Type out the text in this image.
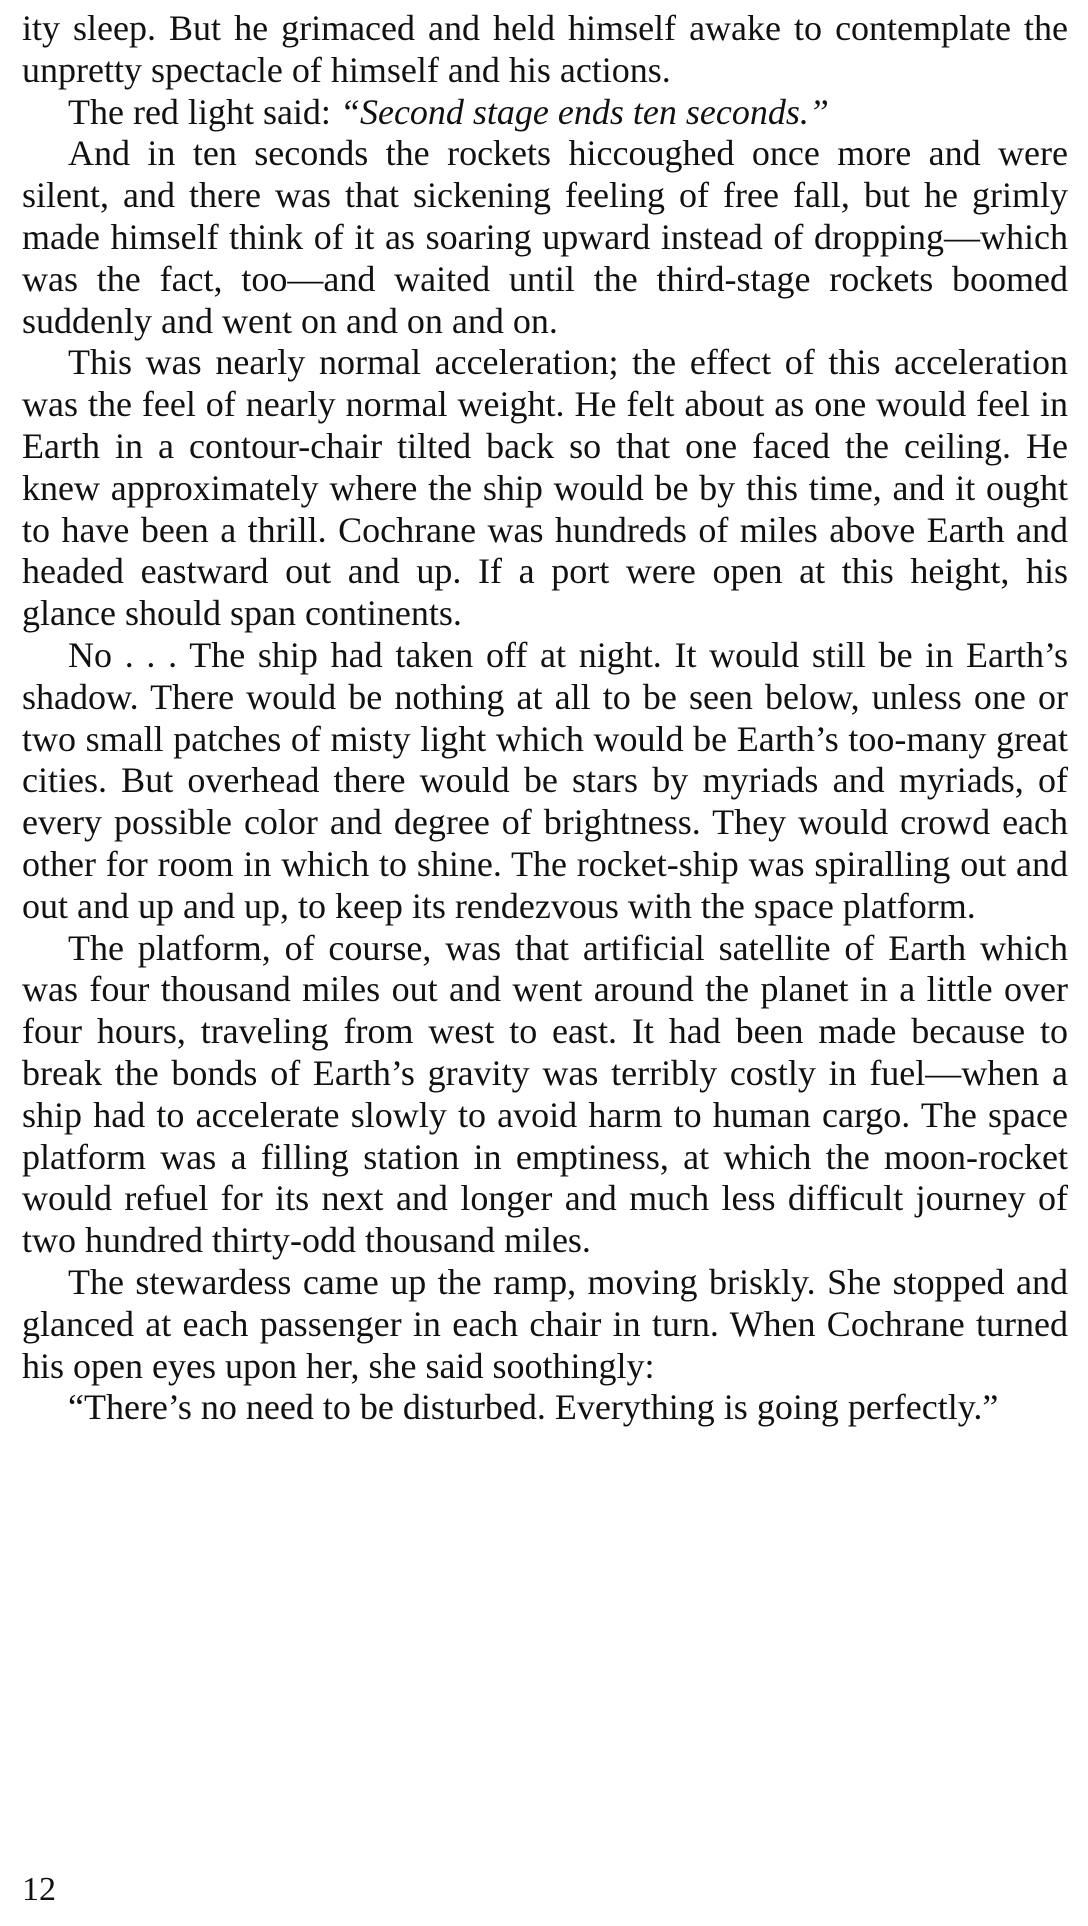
ity sleep. But he grimaced and held himself awake to contemplate the unpretty spectacle of himself and his actions.

The red light said: “Second stage ends ten seconds.”

And in ten seconds the rockets hiccoughed once more and were silent, and there was that sickening feeling of free fall, but he grimly made himself think of it as soaring upward instead of dropping—which was the fact, too—and waited until the third-stage rockets boomed suddenly and went on and on and on.

This was nearly normal acceleration; the effect of this acceleration was the feel of nearly normal weight. He felt about as one would feel in Earth in a contour-chair tilted back so that one faced the ceiling. He knew approximately where the ship would be by this time, and it ought to have been a thrill. Cochrane was hundreds of miles above Earth and headed eastward out and up. If a port were open at this height, his glance should span continents.

No . . . The ship had taken off at night. It would still be in Earth’s shadow. There would be nothing at all to be seen below, unless one or two small patches of misty light which would be Earth’s too-many great cities. But overhead there would be stars by myriads and myriads, of every possible color and degree of brightness. They would crowd each other for room in which to shine. The rocket-ship was spiralling out and out and up and up, to keep its rendezvous with the space platform.

The platform, of course, was that artificial satellite of Earth which was four thousand miles out and went around the planet in a little over four hours, traveling from west to east. It had been made because to break the bonds of Earth’s gravity was terribly costly in fuel—when a ship had to accelerate slowly to avoid harm to human cargo. The space platform was a filling station in emptiness, at which the moon-rocket would refuel for its next and longer and much less difficult journey of two hundred thirty-odd thousand miles.

The stewardess came up the ramp, moving briskly. She stopped and glanced at each passenger in each chair in turn. When Cochrane turned his open eyes upon her, she said soothingly:

“There’s no need to be disturbed. Everything is going perfectly.”

12
